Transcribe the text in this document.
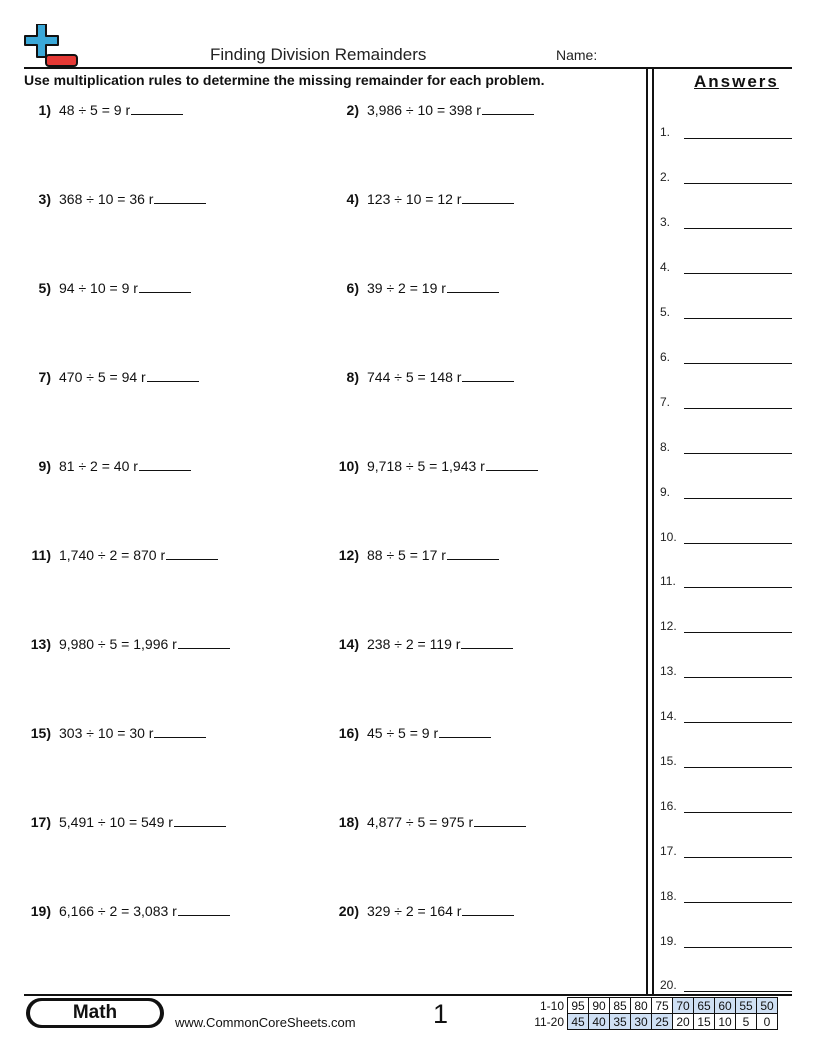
Finding Division Remainders	Name:
Use multiplication rules to determine the missing remainder for each problem.
1) 48 ÷ 5 = 9 r
3) 368 ÷ 10 = 36 r
5) 94 ÷ 10 = 9 r
7) 470 ÷ 5 = 94 r
9) 81 ÷ 2 = 40 r
11) 1,740 ÷ 2 = 870 r
13) 9,980 ÷ 5 = 1,996 r
15) 303 ÷ 10 = 30 r
17) 5,491 ÷ 10 = 549 r
19) 6,166 ÷ 2 = 3,083 r
2) 3,986 ÷ 10 = 398 r
4) 123 ÷ 10 = 12 r
6) 39 ÷ 2 = 19 r
8) 744 ÷ 5 = 148 r
10) 9,718 ÷ 5 = 1,943 r
12) 88 ÷ 5 = 17 r
14) 238 ÷ 2 = 119 r
16) 45 ÷ 5 = 9 r
18) 4,877 ÷ 5 = 975 r
20) 329 ÷ 2 = 164 r
Answers
1.
2.
3.
4.
5.
6.
7.
8.
9.
10.
11.
12.
13.
14.
15.
16.
17.
18.
19.
20.
Math	www.CommonCoreSheets.com	1	1-10	95	90	85	80	75	70	65	60	55	50
11-20	45	40	35	30	25	20	15	10	5	0
